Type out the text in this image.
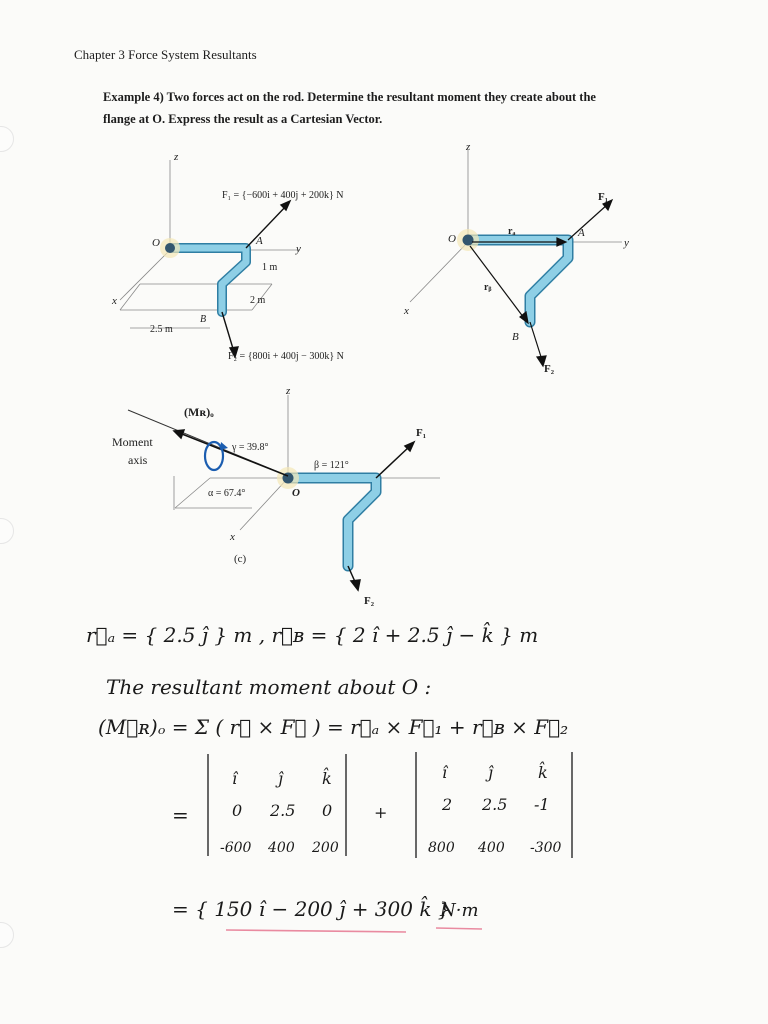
Chapter 3 Force System Resultants
Example 4) Two forces act on the rod. Determine the resultant moment they create about the
flange at O. Express the result as a Cartesian Vector.
z
O	y
x
A
B
F₁ = {−600i + 400j + 200k} N
F₂ = {800i + 400j − 300k} N
1 m
2 m
2.5 m
z
O	y
x
A
B
rₐ
rᵦ
F₁
F₂
(Mʀ)ₒ
Moment
axis
γ = 39.8°
β = 121°
α = 67.4°
z
O
x
F₁
F₂
(c)
r⃗ₐ = { 2.5 ĵ } m , r⃗ʙ = { 2 î + 2.5 ĵ − k̂ } m
The resultant moment about O :
(M⃗ʀ)ₒ = Σ ( r⃗ × F⃗ ) = r⃗ₐ × F⃗₁ + r⃗ʙ × F⃗₂
=	+
î	ĵ k̂
0 2.5 0
-600 400 200
î	ĵ	k̂
2 2.5 -1
800 400 -300
= { 150 î − 200 ĵ + 300 k̂ }
N·m
